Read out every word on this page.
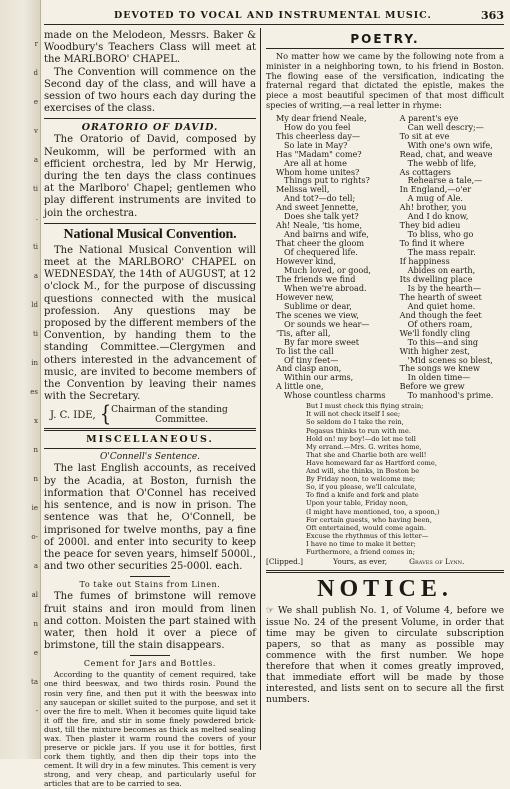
r
d
e
v
a
ti
.
ti
a
ld
ti
in
es
x
n
n
ie
o-
a
al
n
e
ta
-
DEVOTED TO VOCAL AND INSTRUMENTAL MUSIC.	363

made on the Melodeon, Messrs. Baker & Woodbury's Teachers Class will meet at the MARLBORO' CHAPEL.

The Convention will commence on the Second day of the class, and will have a session of two hours each day during the exercises of the class.

ORATORIO OF DAVID.

The Oratorio of David, composed by Neukomm, will be performed with an efficient orchestra, led by Mr Herwig, during the ten days the class continues at the Marlboro' Chapel; gentlemen who play different instruments are invited to join the orchestra.

National Musical Convention.

The National Musical Convention will meet at the MARLBORO' CHAPEL on WEDNESDAY, the 14th of AUGUST, at 12 o'clock M., for the purpose of discussing questions connected with the musical profession. Any questions may be proposed by the different members of the Convention, by handing them to the standing Committee.—Clergymen and others interested in the advancement of music, are invited to become members of the Convention by leaving their names with the Secretary.

J. C. IDE, { Chairman of the standing
Committee.
MISCELLANEOUS.
O'Connell's Sentence.

The last English accounts, as received by the Acadia, at Boston, furnish the information that O'Connel has received his sentence, and is now in prison. The sentence was that he, O'Connell, be imprisoned for twelve months, pay a fine of 2000l. and enter into security to keep the peace for seven years, himself 5000l., and two other securities 25-000l. each.

To take out Stains from Linen.

The fumes of brimstone will remove fruit stains and iron mould from linen and cotton. Moisten the part stained with water, then hold it over a piece of brimstone, till the stain disappears.

Cement for Jars and Bottles.

According to the quantity of cement required, take one third beeswax, and two thirds rosin. Pound the rosin very fine, and then put it with the beeswax into any saucepan or skillet suited to the purpose, and set it over the fire to melt. When it becomes quite liquid take it off the fire, and stir in some finely powdered brick-dust, till the mixture becomes as thick as melted sealing wax. Then plaster it warm round the covers of your preserve or pickle jars. If you use it for bottles, first cork them tightly, and then dip their tops into the cement. It will dry in a few minutes. This cement is very strong, and very cheap, and particularly useful for articles that are to be carried to sea.

POETRY.

No matter how we came by the following note from a minister in a neighboring town, to his friend in Boston. The flowing ease of the versification, indicating the fraternal regard that dictated the epistle, makes the piece a most beautiful specimen of that most difficult species of writing,—a real letter in rhyme:

My dear friend Neale,
How do you feel
This cheerless day—
So late in May?
Has "Madam" come?
Are all at home
Whom home unites?
Things put to rights?
Melissa well,
And tot?—do tell;
And sweet Jennette,
Does she talk yet?
Ah! Neale, 'tis home,
And bairns and wife,
That cheer the gloom
Of chequered life.
However kind,
Much loved, or good,
The friends we find
When we're abroad.
However new,
Sublime or dear,
The scenes we view,
Or sounds we hear—
'Tis, after all,
By far more sweet
To list the call
Of tiny feet—
And clasp anon,
Within our arms,
A little one,
Whose countless charms
A parent's eye
Can well descry;—
To sit at eve
With one's own wife,
Read, chat, and weave
The webb of life,
As cottagers
Rehearse a tale,—
In England,—o'er
A mug of Ale.
Ah! brother, you
And I do know,
They bid adieu
To bliss, who go
To find it where
The mass repair.
If happiness
Abides on earth,
Its dwelling place
Is by the hearth—
The hearth of sweet
And quiet home.
And though the feet
Of others roam,
We'll fondly cling
To this—and sing
With higher zest,
'Mid scenes so blest,
The songs we knew
In olden time—
Before we grew
To manhood's prime.
But I must check this flying strain;
It will not check itself I see;
So seldom do I take the rein,
Pegasus thinks to run with me.
Hold on! my boy!—do let me tell
My errand.—Mrs. G. writes home,
That she and Charlie both are well!
Have homeward far as Hartford come,
And will, she thinks, in Boston be
By Friday noon, to welcome me;
So, if you please, we'll calculate,
To find a knife and fork and plate
Upon your table, Friday noon,
(I might have mentioned, too, a spoon,)
For certain guests, who having been,
Oft entertained, would come again.
Excuse the rhythmus of this letter—
I have no time to make it better;
Furthermore, a friend comes in;
[Clipped.]	Yours, as ever,	Graves of Lynn.
NOTICE.

☞ We shall publish No. 1, of Volume 4, before we issue No. 24 of the present Volume, in order that time may be given to circulate subscription papers, so that as many as possible may commence with the first number. We hope therefore that when it comes greatly improved, that immediate effort will be made by those interested, and lists sent on to secure all the first numbers.
